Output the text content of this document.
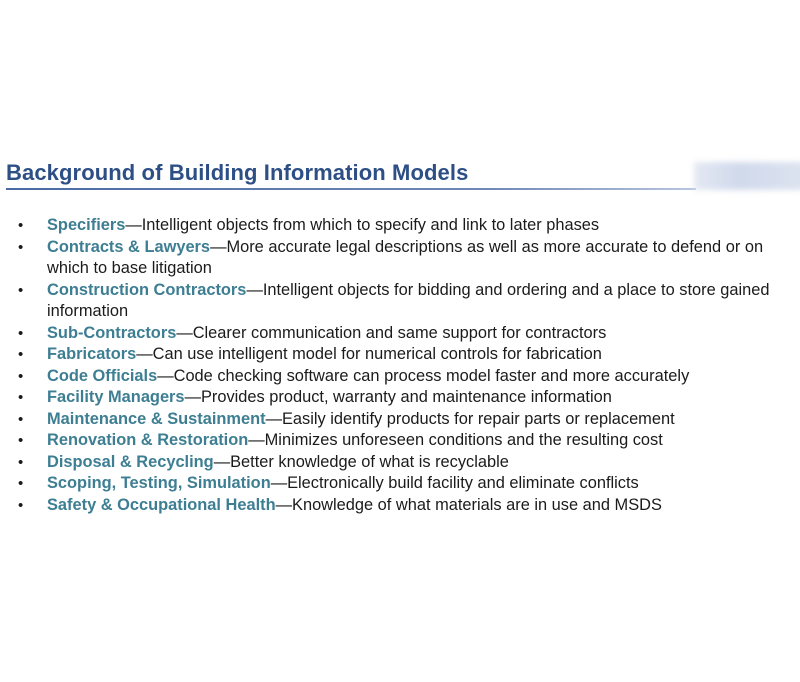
Background of Building Information Models
• Specifiers—Intelligent objects from which to specify and link to later phases
• Contracts & Lawyers—More accurate legal descriptions as well as more accurate to defend or on which to base litigation
• Construction Contractors—Intelligent objects for bidding and ordering and a place to store gained information
• Sub-Contractors—Clearer communication and same support for contractors
• Fabricators—Can use intelligent model for numerical controls for fabrication
• Code Officials—Code checking software can process model faster and more accurately
• Facility Managers—Provides product, warranty and maintenance information
• Maintenance & Sustainment—Easily identify products for repair parts or replacement
• Renovation & Restoration—Minimizes unforeseen conditions and the resulting cost
• Disposal & Recycling—Better knowledge of what is recyclable
• Scoping, Testing, Simulation—Electronically build facility and eliminate conflicts
• Safety & Occupational Health—Knowledge of what materials are in use and MSDS
